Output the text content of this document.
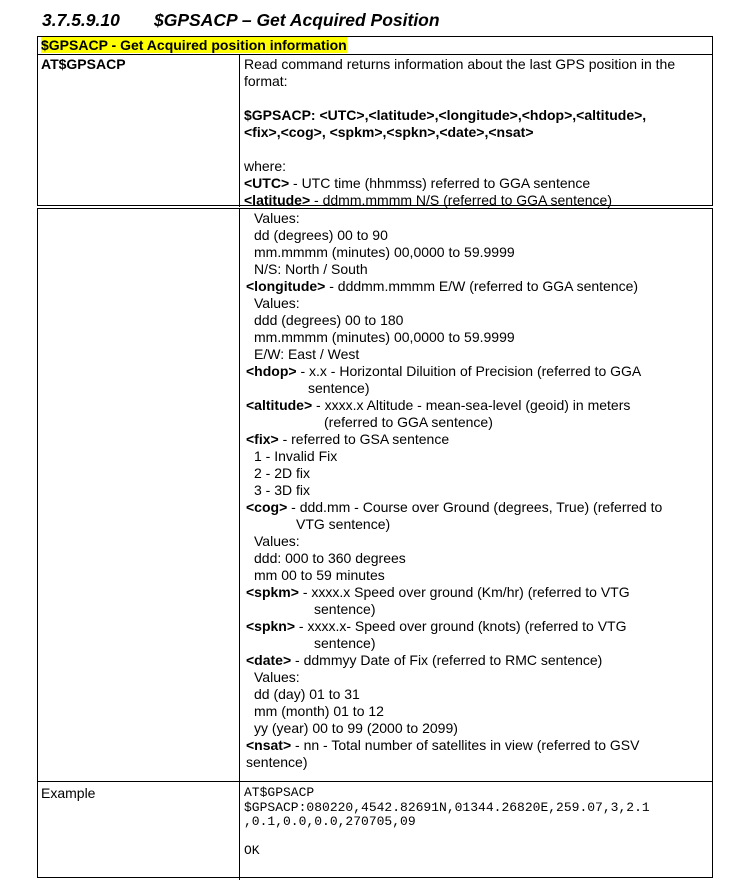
3.7.5.9.10 $GPSACP – Get Acquired Position
$GPSACP - Get Acquired position information
AT$GPSACP	Read command returns information about the last GPS position in the
format:
$GPSACP: <UTC>,<latitude>,<longitude>,<hdop>,<altitude>,
<fix>,<cog>, <spkm>,<spkn>,<date>,<nsat>
where:
<UTC> - UTC time (hhmmss) referred to GGA sentence
<latitude> - ddmm.mmmm N/S (referred to GGA sentence)
Values:
dd (degrees) 00 to 90
mm.mmmm (minutes) 00,0000 to 59.9999
N/S: North / South
<longitude> - dddmm.mmmm E/W (referred to GGA sentence)
Values:
ddd (degrees) 00 to 180
mm.mmmm (minutes) 00,0000 to 59.9999
E/W: East / West
<hdop> - x.x - Horizontal Diluition of Precision (referred to GGA
sentence)
<altitude> - xxxx.x Altitude - mean-sea-level (geoid) in meters
(referred to GGA sentence)
<fix> - referred to GSA sentence
1 - Invalid Fix
2 - 2D fix
3 - 3D fix
<cog> - ddd.mm - Course over Ground (degrees, True) (referred to
VTG sentence)
Values:
ddd: 000 to 360 degrees
mm 00 to 59 minutes
<spkm> - xxxx.x Speed over ground (Km/hr) (referred to VTG
sentence)
<spkn> - xxxx.x- Speed over ground (knots) (referred to VTG
sentence)
<date> - ddmmyy Date of Fix (referred to RMC sentence)
Values:
dd (day) 01 to 31
mm (month) 01 to 12
yy (year) 00 to 99 (2000 to 2099)
<nsat> - nn - Total number of satellites in view (referred to GSV
sentence)
Example	AT$GPSACP
$GPSACP:080220,4542.82691N,01344.26820E,259.07,3,2.1
,0.1,0.0,0.0,270705,09
OK
